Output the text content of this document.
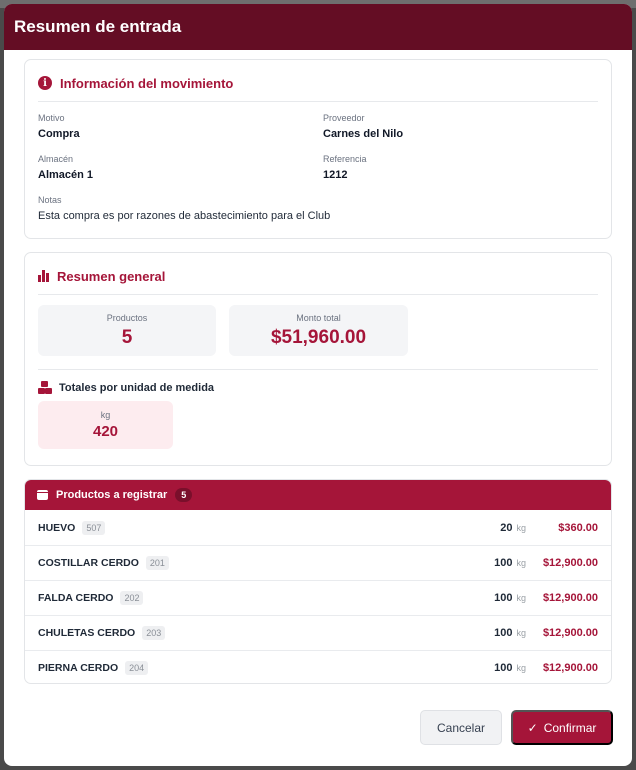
Resumen de entrada
i	Información del movimiento
Motivo
Compra
Proveedor
Carnes del Nilo
Almacén
Almacén 1
Referencia
1212
Notas
Esta compra es por razones de abastecimiento para el Club
Resumen general
Productos
5
Monto total
$51,960.00
Totales por unidad de medida
kg
420
Productos a registrar	5
HUEVO	507	20 kg	$360.00
COSTILLAR CERDO	201	100 kg	$12,900.00
FALDA CERDO	202	100 kg	$12,900.00
CHULETAS CERDO	203	100 kg	$12,900.00
PIERNA CERDO	204	100 kg	$12,900.00
Cancelar	✓ Confirmar
